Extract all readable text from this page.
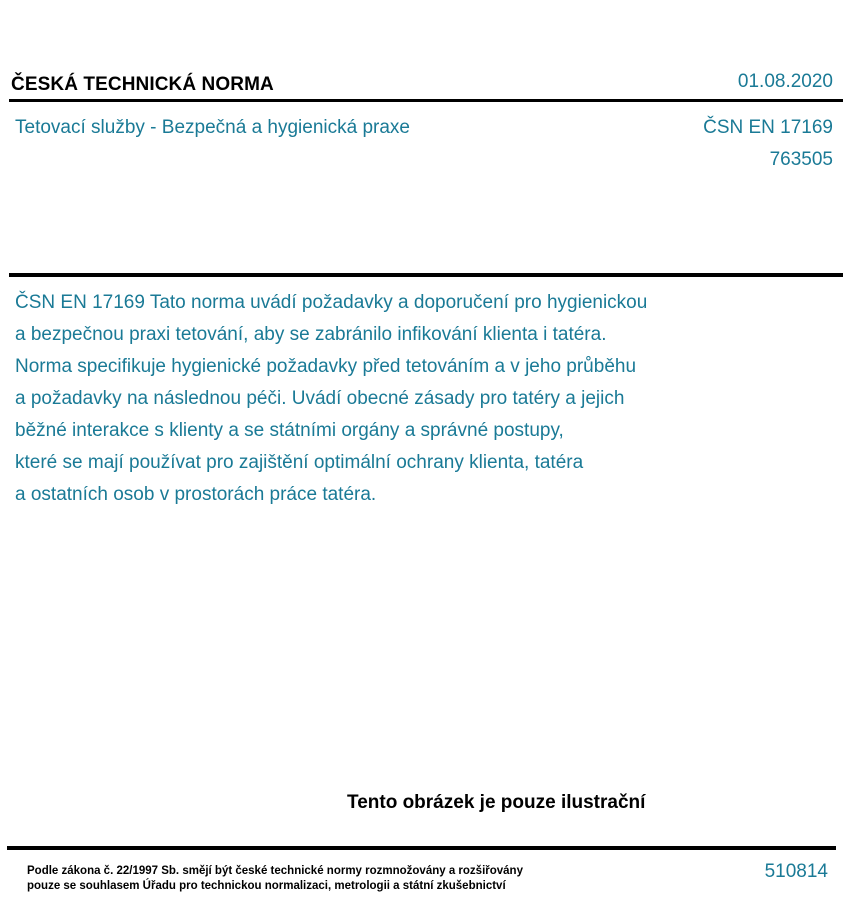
ČESKÁ TECHNICKÁ NORMA	01.08.2020
Tetovací služby - Bezpečná a hygienická praxe	ČSN EN 17169
763505
ČSN EN 17169 Tato norma uvádí požadavky a doporučení pro hygienickou
a bezpečnou praxi tetování, aby se zabránilo infikování klienta i tatéra.
Norma specifikuje hygienické požadavky před tetováním a v jeho průběhu
a požadavky na následnou péči. Uvádí obecné zásady pro tatéry a jejich
běžné interakce s klienty a se státními orgány a správné postupy,
které se mají používat pro zajištění optimální ochrany klienta, tatéra
a ostatních osob v prostorách práce tatéra.
Tento obrázek je pouze ilustrační
Podle zákona č. 22/1997 Sb. smějí být české technické normy rozmnožovány a rozšiřovány
pouze se souhlasem Úřadu pro technickou normalizaci, metrologii a státní zkušebnictví
510814
